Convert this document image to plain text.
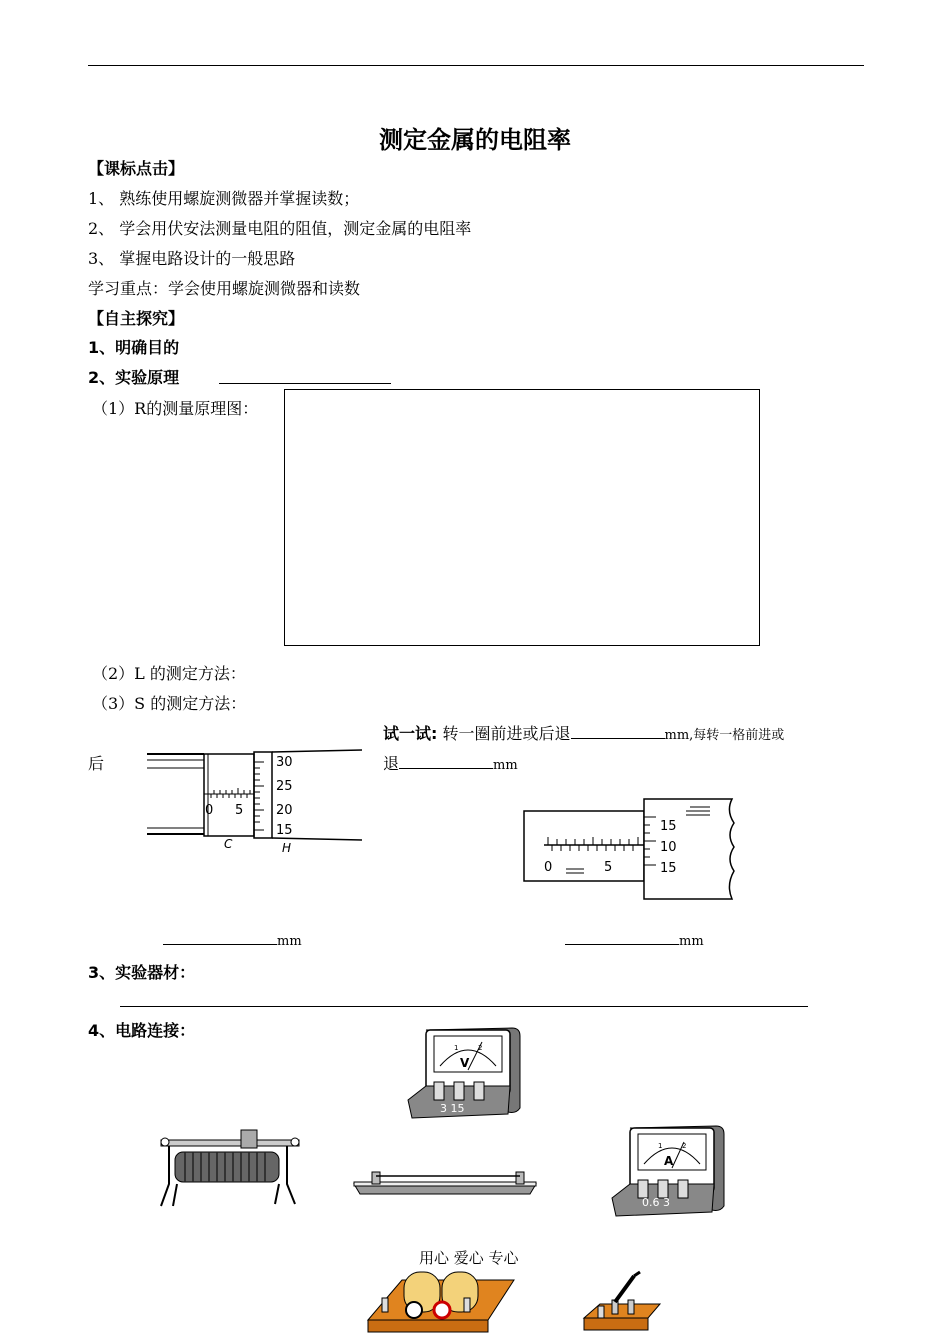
测定金属的电阻率
【课标点击】
1、 熟练使用螺旋测微器并掌握读数；
2、 学会用伏安法测量电阻的阻值，测定金属的电阻率
3、 掌握电路设计的一般思路
学习重点：学会使用螺旋测微器和读数
【自主探究】
1、明确目的
2、实验原理
（1）R的测量原理图：
（2）L 的测定方法：
（3）S 的测定方法：
试一试: 转一圈前进或后退	mm,每转一格前进或
后	退	mm
30
25
20
15
0 5
C	H
15
10
15
0	5
mm	mm
3、实验器材：
4、电路连接：
1	2
V
3 15
1	2
A
0.6 3
用心 爱心 专心
